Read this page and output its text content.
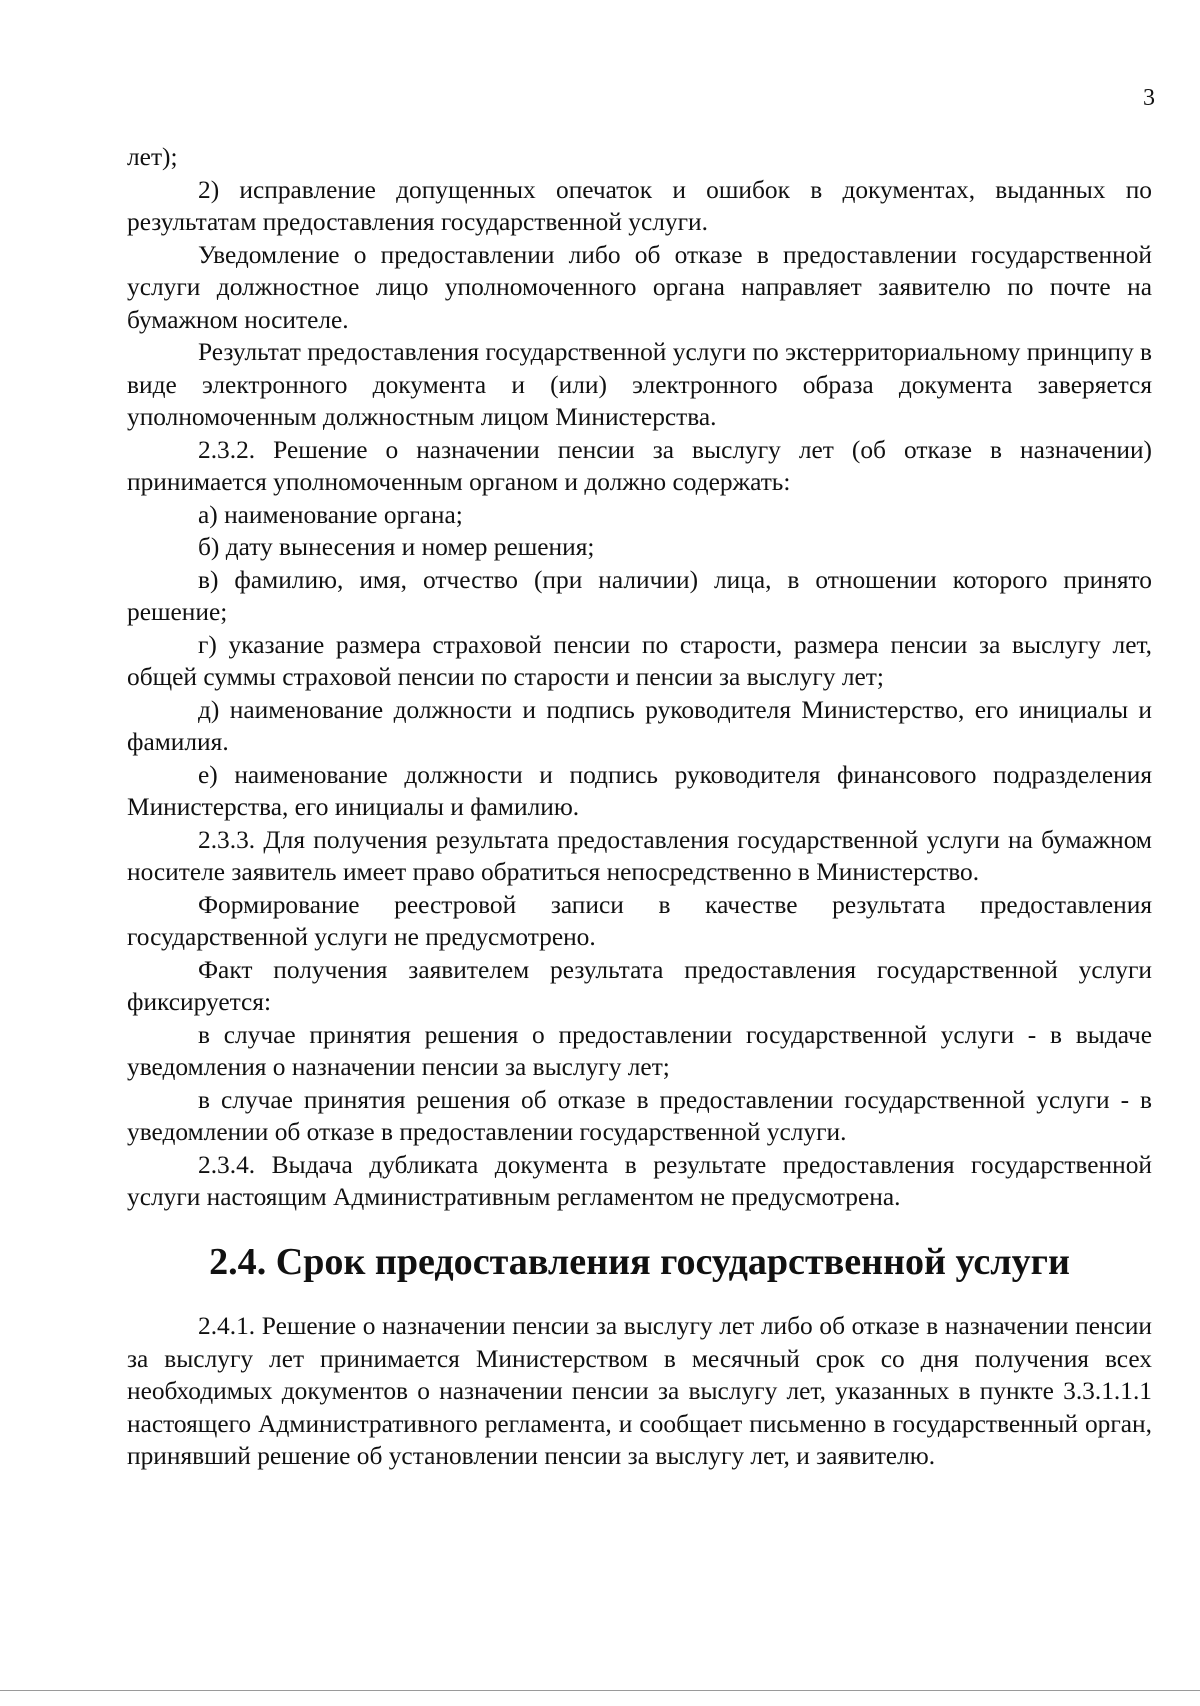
3

лет);

2) исправление допущенных опечаток и ошибок в документах, выданных по результатам предоставления государственной услуги.

Уведомление о предоставлении либо об отказе в предоставлении государственной услуги должностное лицо уполномоченного органа направляет заявителю по почте на бумажном носителе.

Результат предоставления государственной услуги по экстерриториальному принципу в виде электронного документа и (или) электронного образа документа заверяется уполномоченным должностным лицом Министерства.

2.3.2. Решение о назначении пенсии за выслугу лет (об отказе в назначении) принимается уполномоченным органом и должно содержать:

а) наименование органа;

б) дату вынесения и номер решения;

в) фамилию, имя, отчество (при наличии) лица, в отношении которого принято решение;

г) указание размера страховой пенсии по старости, размера пенсии за выслугу лет, общей суммы страховой пенсии по старости и пенсии за выслугу лет;

д) наименование должности и подпись руководителя Министерство, его инициалы и фамилия.

е) наименование должности и подпись руководителя финансового подразделения Министерства, его инициалы и фамилию.

2.3.3. Для получения результата предоставления государственной услуги на бумажном носителе заявитель имеет право обратиться непосредственно в Министерство.

Формирование реестровой записи в качестве результата предоставления государственной услуги не предусмотрено.

Факт получения заявителем результата предоставления государственной услуги фиксируется:

в случае принятия решения о предоставлении государственной услуги - в выдаче уведомления о назначении пенсии за выслугу лет;

в случае принятия решения об отказе в предоставлении государственной услуги - в уведомлении об отказе в предоставлении государственной услуги.

2.3.4. Выдача дубликата документа в результате предоставления государственной услуги настоящим Административным регламентом не предусмотрена.

2.4. Срок предоставления государственной услуги

2.4.1. Решение о назначении пенсии за выслугу лет либо об отказе в назначении пенсии за выслугу лет принимается Министерством в месячный срок со дня получения всех необходимых документов о назначении пенсии за выслугу лет, указанных в пункте 3.3.1.1.1 настоящего Административного регламента, и сообщает письменно в государственный орган, принявший решение об установлении пенсии за выслугу лет, и заявителю.
